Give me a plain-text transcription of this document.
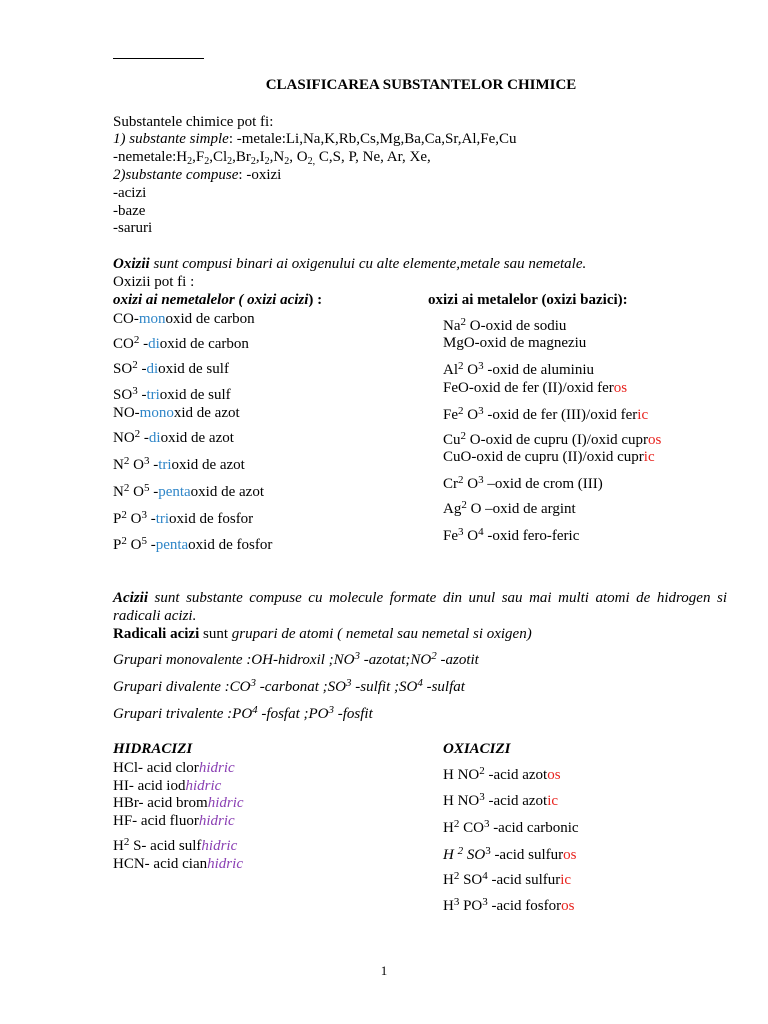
CLASIFICAREA SUBSTANTELOR CHIMICE
Substantele chimice pot fi:
1) substante simple: -metale:Li,Na,K,Rb,Cs,Mg,Ba,Ca,Sr,Al,Fe,Cu
$-nemetale:H_2,F_2,Cl_2,Br_2,I_2,N_2$, $O_{2,}$ C,S, P, Ne, Ar, Xe,
2)substante compuse: -oxizi
-acizi
-baze
-saruri
Oxizii sunt compusi binari ai oxigenului cu alte elemente,metale sau nemetale.
Oxizii pot fi :
oxizi ai nemetalelor ( oxizi acizi) :	oxizi ai metalelor (oxizi bazici):
CO-monoxid de carbon
$CO^2$ -dioxid de carbon
$SO^2$ -dioxid de sulf
$SO^3$ -trioxid de sulf
NO-monoxid de azot
$NO^2$ -dioxid de azot
$N^2$ $O^3$ -trioxid de azot
$N^2$ $O^5$ -pentaoxid de azot
$P^2$ $O^3$ -trioxid de fosfor
$P^2$ $O^5$ -pentaoxid de fosfor
Na$^2$ O-oxid de sodiu
MgO-oxid de magneziu
Al$^2$ $O^3$ -oxid de aluminiu
FeO-oxid de fer (II)/oxid feros
Fe$^2$ $O^3$ -oxid de fer (III)/oxid feric
Cu$^2$ O-oxid de cupru (I)/oxid cupros
CuO-oxid de cupru (II)/oxid cupric
Cr$^2$ $O^3$ –oxid de crom (III)
Ag$^2$ O –oxid de argint
Fe$^3$ $O^4$ -oxid fero-feric
Acizii sunt substante compuse cu molecule formate din unul sau mai multi atomi de hidrogen si
radicali acizi.
Radicali acizi sunt grupari de atomi ( nemetal sau nemetal si oxigen)
Grupari monovalente :OH-hidroxil $;NO^3$ $-azotat;NO^2$ -azotit
Grupari divalente $:CO^3$ -carbonat $;SO^3$ -sulfit $;SO^4$ -sulfat
Grupari trivalente $:PO^4$ -fosfat $;PO^3$ -fosfit
HIDRACIZI	OXIACIZI
HCl- acid clorhidric
HI- acid iodhidric
HBr- acid bromhidric
HF- acid fluorhidric
$H^2$ S- acid sulfhidric
HCN- acid cianhidric
H $NO^2$ -acid azotos
H $NO^3$ -acid azotic
$H^2$ $CO^3$ -acid carbonic
H $^2$ $SO^3$ -acid sulfuros
$H^2$ $SO^4$ -acid sulfuric
$H^3$ $PO^3$ -acid fosforos
1
